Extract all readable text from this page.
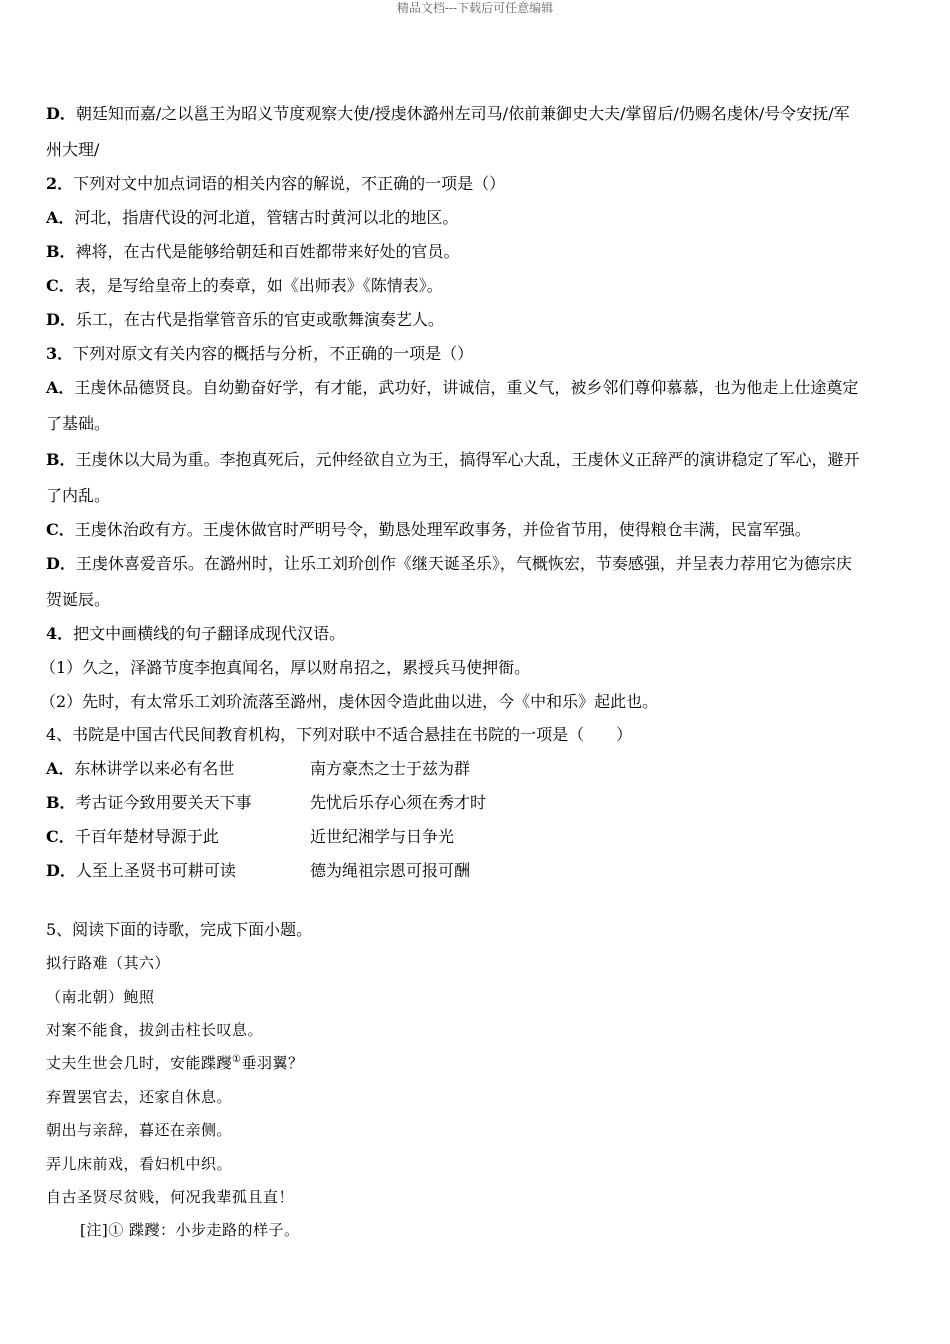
精品文档---下载后可任意编辑
D．朝廷知而嘉/之以邕王为昭义节度观察大使/授虔休潞州左司马/依前兼御史大夫/掌留后/仍赐名虔休/号令安抚/军
州大理/
2．下列对文中加点词语的相关内容的解说，不正确的一项是（）
A．河北，指唐代设的河北道，管辖古时黄河以北的地区。
B．裨将，在古代是能够给朝廷和百姓都带来好处的官员。
C．表，是写给皇帝上的奏章，如《出师表》《陈情表》。
D．乐工，在古代是指掌管音乐的官吏或歌舞演奏艺人。
3．下列对原文有关内容的概括与分析，不正确的一项是（）
A．王虔休品德贤良。自幼勤奋好学，有才能，武功好，讲诚信，重义气，被乡邻们尊仰慕慕，也为他走上仕途奠定
了基础。
B．王虔休以大局为重。李抱真死后，元仲经欲自立为王，搞得军心大乱，王虔休义正辞严的演讲稳定了军心，避开
了内乱。
C．王虔休治政有方。王虔休做官时严明号令，勤恳处理军政事务，并俭省节用，使得粮仓丰满，民富军强。
D．王虔休喜爱音乐。在潞州时，让乐工刘玠创作《继天诞圣乐》，气概恢宏，节奏感强，并呈表力荐用它为德宗庆
贺诞辰。
4．把文中画横线的句子翻译成现代汉语。
（1）久之，泽潞节度李抱真闻名，厚以财帛招之，累授兵马使押衙。
（2）先时，有太常乐工刘玠流落至潞州，虔休因令造此曲以进，今《中和乐》起此也。
4、书院是中国古代民间教育机构，下列对联中不适合悬挂在书院的一项是（　　）
A．东林讲学以来必有名世	南方豪杰之士于兹为群
B．考古证今致用要关天下事	先忧后乐存心须在秀才时
C．千百年楚材导源于此	近世纪湘学与日争光
D．人至上圣贤书可耕可读	德为绳祖宗恩可报可酬
5、阅读下面的诗歌，完成下面小题。
拟行路难（其六）
（南北朝）鲍照
对案不能食，拔剑击柱长叹息。
丈夫生世会几时，安能蹀躞①垂羽翼？
弃置罢官去，还家自休息。
朝出与亲辞，暮还在亲侧。
弄儿床前戏，看妇机中织。
自古圣贤尽贫贱，何况我辈孤且直！
[注]① 蹀躞：小步走路的样子。
